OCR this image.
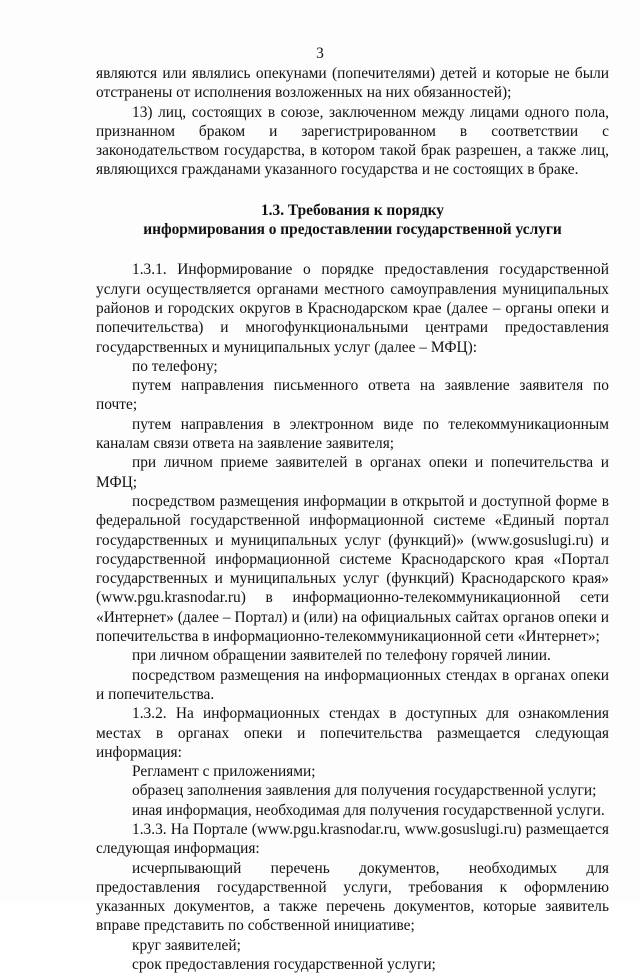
3

являются или являлись опекунами (попечителями) детей и которые не были отстранены от исполнения возложенных на них обязанностей);

13) лиц, состоящих в союзе, заключенном между лицами одного пола, признанном браком и зарегистрированном в соответствии с законодательством государства, в котором такой брак разрешен, а также лиц, являющихся гражданами указанного государства и не состоящих в браке.

1.3. Требования к порядку
информирования о предоставлении государственной услуги

1.3.1. Информирование о порядке предоставления государственной услуги осуществляется органами местного самоуправления муниципальных районов и городских округов в Краснодарском крае (далее – органы опеки и попечительства) и многофункциональными центрами предоставления государственных и муниципальных услуг (далее – МФЦ):

по телефону;

путем направления письменного ответа на заявление заявителя по почте;

путем направления в электронном виде по телекоммуникационным каналам связи ответа на заявление заявителя;

при личном приеме заявителей в органах опеки и попечительства и МФЦ;

посредством размещения информации в открытой и доступной форме в федеральной государственной информационной системе «Единый портал государственных и муниципальных услуг (функций)» (www.gosuslugi.ru) и государственной информационной системе Краснодарского края «Портал государственных и муниципальных услуг (функций) Краснодарского края» (www.pgu.krasnodar.ru) в информационно-телекоммуникационной сети «Интернет» (далее – Портал) и (или) на официальных сайтах органов опеки и попечительства в информационно-телекоммуникационной сети «Интернет»;

при личном обращении заявителей по телефону горячей линии.

посредством размещения на информационных стендах в органах опеки и попечительства.

1.3.2. На информационных стендах в доступных для ознакомления местах в органах опеки и попечительства размещается следующая информация:

Регламент с приложениями;

образец заполнения заявления для получения государственной услуги;

иная информация, необходимая для получения государственной услуги.

1.3.3. На Портале (www.pgu.krasnodar.ru, www.gosuslugi.ru) размещается следующая информация:

исчерпывающий перечень документов, необходимых для предоставления государственной услуги, требования к оформлению указанных документов, а также перечень документов, которые заявитель вправе представить по собственной инициативе;

круг заявителей;

срок предоставления государственной услуги;
